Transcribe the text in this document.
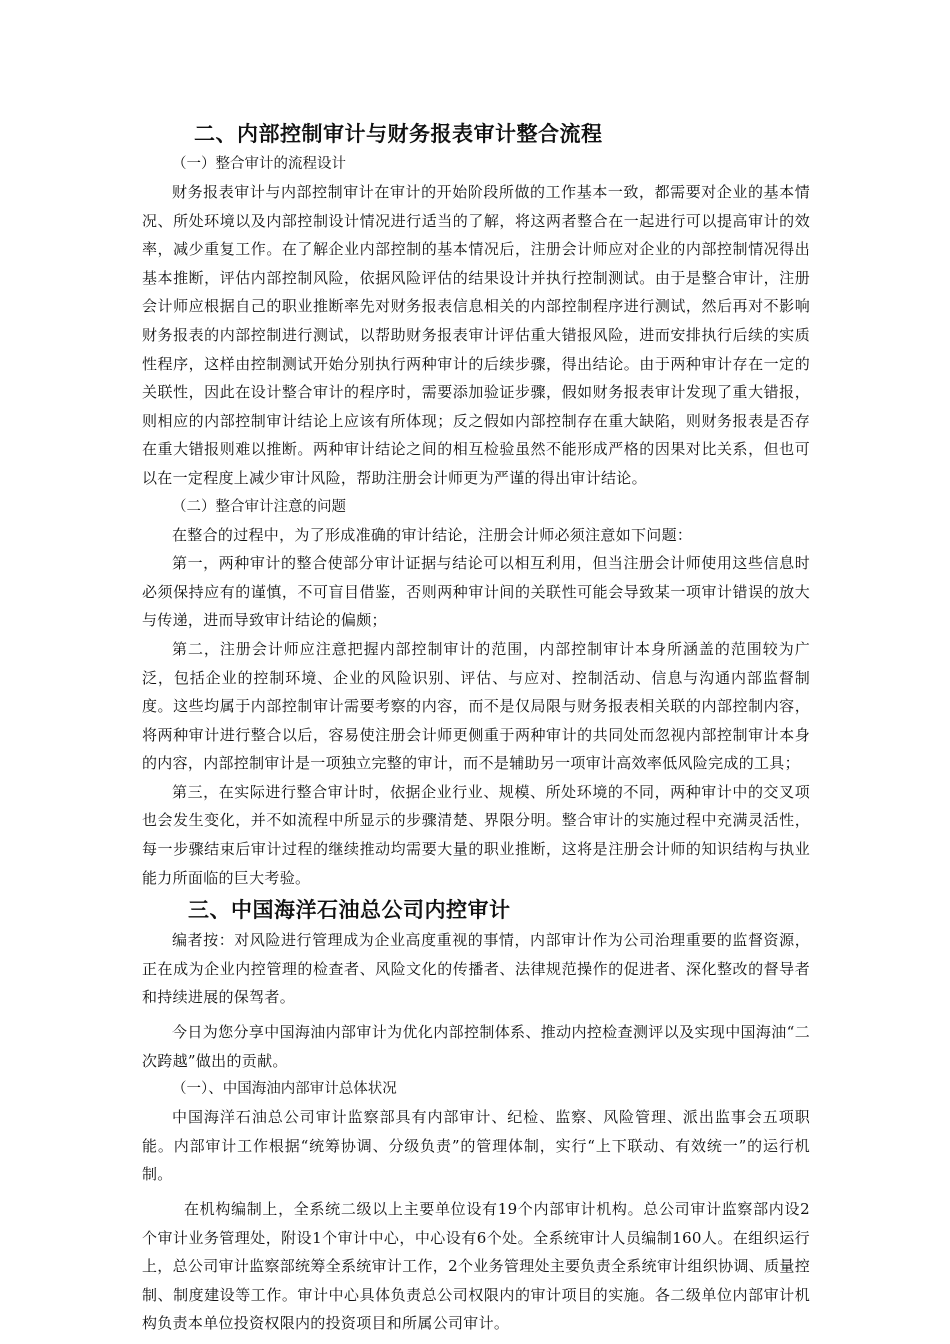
二、内部控制审计与财务报表审计整合流程
（一）整合审计的流程设计

财务报表审计与内部控制审计在审计的开始阶段所做的工作基本一致，都需要对企业的基本情况、所处环境以及内部控制设计情况进行适当的了解，将这两者整合在一起进行可以提高审计的效率，减少重复工作。在了解企业内部控制的基本情况后，注册会计师应对企业的内部控制情况得出基本推断，评估内部控制风险，依据风险评估的结果设计并执行控制测试。由于是整合审计，注册会计师应根据自己的职业推断率先对财务报表信息相关的内部控制程序进行测试，然后再对不影响财务报表的内部控制进行测试，以帮助财务报表审计评估重大错报风险，进而安排执行后续的实质性程序，这样由控制测试开始分别执行两种审计的后续步骤，得出结论。由于两种审计存在一定的关联性，因此在设计整合审计的程序时，需要添加验证步骤，假如财务报表审计发现了重大错报，则相应的内部控制审计结论上应该有所体现；反之假如内部控制存在重大缺陷，则财务报表是否存在重大错报则难以推断。两种审计结论之间的相互检验虽然不能形成严格的因果对比关系，但也可以在一定程度上减少审计风险，帮助注册会计师更为严谨的得出审计结论。

（二）整合审计注意的问题

在整合的过程中，为了形成准确的审计结论，注册会计师必须注意如下问题：

第一，两种审计的整合使部分审计证据与结论可以相互利用，但当注册会计师使用这些信息时必须保持应有的谨慎，不可盲目借鉴，否则两种审计间的关联性可能会导致某一项审计错误的放大与传递，进而导致审计结论的偏颇；

第二，注册会计师应注意把握内部控制审计的范围，内部控制审计本身所涵盖的范围较为广泛，包括企业的控制环境、企业的风险识别、评估、与应对、控制活动、信息与沟通内部监督制度。这些均属于内部控制审计需要考察的内容，而不是仅局限与财务报表相关联的内部控制内容，将两种审计进行整合以后，容易使注册会计师更侧重于两种审计的共同处而忽视内部控制审计本身的内容，内部控制审计是一项独立完整的审计，而不是辅助另一项审计高效率低风险完成的工具；

第三，在实际进行整合审计时，依据企业行业、规模、所处环境的不同，两种审计中的交叉项也会发生变化，并不如流程中所显示的步骤清楚、界限分明。整合审计的实施过程中充满灵活性，每一步骤结束后审计过程的继续推动均需要大量的职业推断，这将是注册会计师的知识结构与执业能力所面临的巨大考验。

三、中国海洋石油总公司内控审计

编者按：对风险进行管理成为企业高度重视的事情，内部审计作为公司治理重要的监督资源，正在成为企业内控管理的检查者、风险文化的传播者、法律规范操作的促进者、深化整改的督导者和持续进展的保驾者。

今日为您分享中国海油内部审计为优化内部控制体系、推动内控检查测评以及实现中国海油“二次跨越”做出的贡献。

（一）、中国海油内部审计总体状况

中国海洋石油总公司审计监察部具有内部审计、纪检、监察、风险管理、派出监事会五项职能。内部审计工作根据“统筹协调、分级负责”的管理体制，实行“上下联动、有效统一”的运行机制。

在机构编制上，全系统二级以上主要单位设有19个内部审计机构。总公司审计监察部内设2个审计业务管理处，附设1个审计中心，中心设有6个处。全系统审计人员编制160人。在组织运行上，总公司审计监察部统筹全系统审计工作，2个业务管理处主要负责全系统审计组织协调、质量控制、制度建设等工作。审计中心具体负责总公司权限内的审计项目的实施。各二级单位内部审计机构负责本单位投资权限内的投资项目和所属公司审计。
